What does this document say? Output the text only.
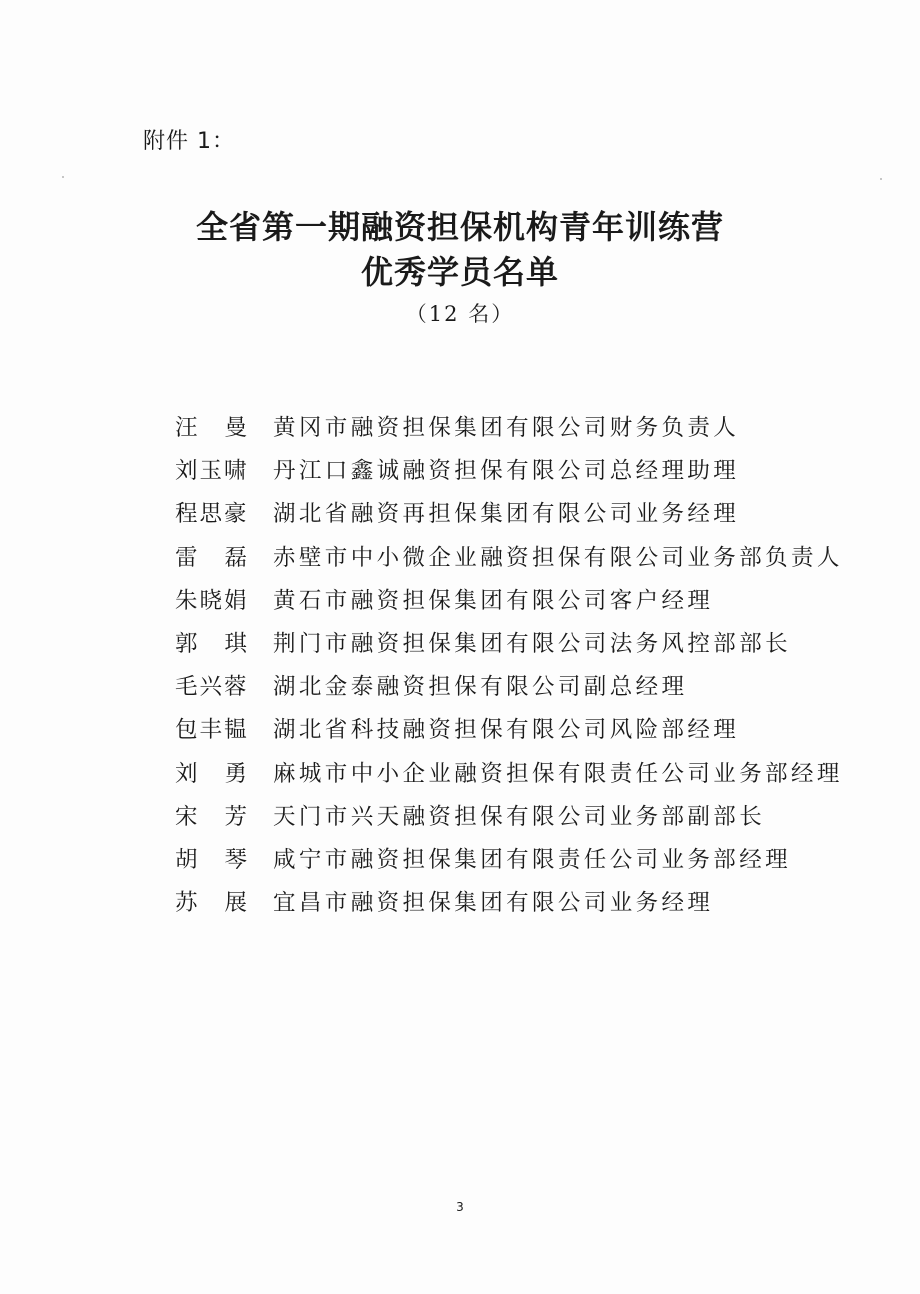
附件 1：
全省第一期融资担保机构青年训练营
优秀学员名单
（12 名）
汪 曼 黄冈市融资担保集团有限公司财务负责人
刘玉啸	丹江口鑫诚融资担保有限公司总经理助理
程思豪	湖北省融资再担保集团有限公司业务经理
雷 磊 赤壁市中小微企业融资担保有限公司业务部负责人
朱晓娟	黄石市融资担保集团有限公司客户经理
郭 琪 荆门市融资担保集团有限公司法务风控部部长
毛兴蓉	湖北金泰融资担保有限公司副总经理
包丰韫	湖北省科技融资担保有限公司风险部经理
刘 勇 麻城市中小企业融资担保有限责任公司业务部经理
宋 芳 天门市兴天融资担保有限公司业务部副部长
胡 琴 咸宁市融资担保集团有限责任公司业务部经理
苏 展 宜昌市融资担保集团有限公司业务经理
3
